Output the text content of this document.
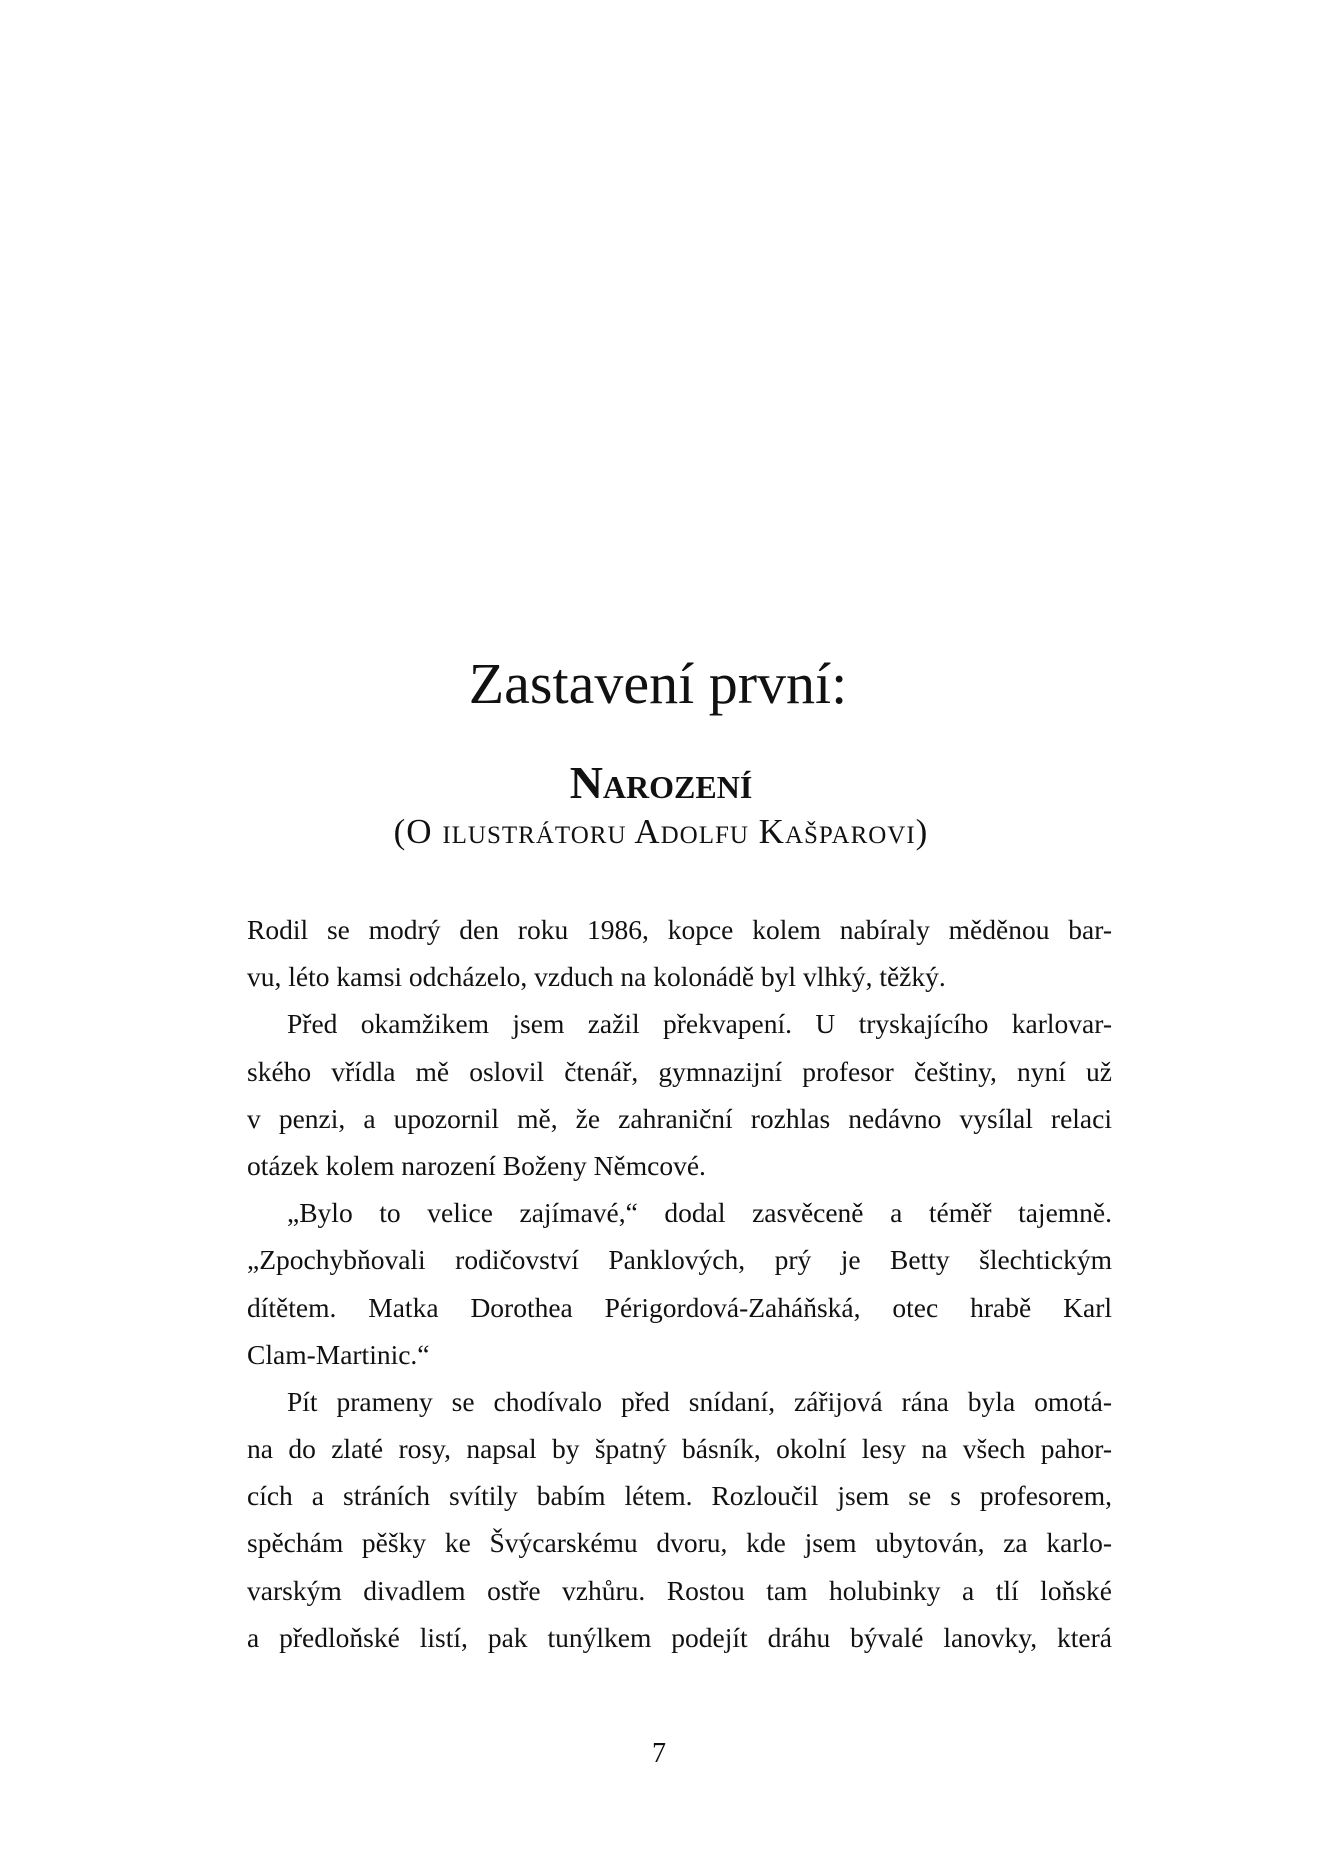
Zastavení první:
Narození
(O ilustrátoru Adolfu Kašparovi)
Rodil se modrý den roku 1986, kopce kolem nabíraly měděnou bar-
vu, léto kamsi odcházelo, vzduch na kolonádě byl vlhký, těžký.
Před okamžikem jsem zažil překvapení. U tryskajícího karlovar-
ského vřídla mě oslovil čtenář, gymnazijní profesor češtiny, nyní už
v penzi, a upozornil mě, že zahraniční rozhlas nedávno vysílal relaci
otázek kolem narození Boženy Němcové.
„Bylo to velice zajímavé,“ dodal zasvěceně a téměř tajemně.
„Zpochybňovali rodičovství Panklových, prý je Betty šlechtickým
dítětem. Matka Dorothea Périgordová-Zaháňská, otec hrabě Karl
Clam-Martinic.“
Pít prameny se chodívalo před snídaní, zářijová rána byla omotá-
na do zlaté rosy, napsal by špatný básník, okolní lesy na všech pahor-
cích a stráních svítily babím létem. Rozloučil jsem se s profesorem,
spěchám pěšky ke Švýcarskému dvoru, kde jsem ubytován, za karlo-
varským divadlem ostře vzhůru. Rostou tam holubinky a tlí loňské
a předloňské listí, pak tunýlkem podejít dráhu bývalé lanovky, která
7
